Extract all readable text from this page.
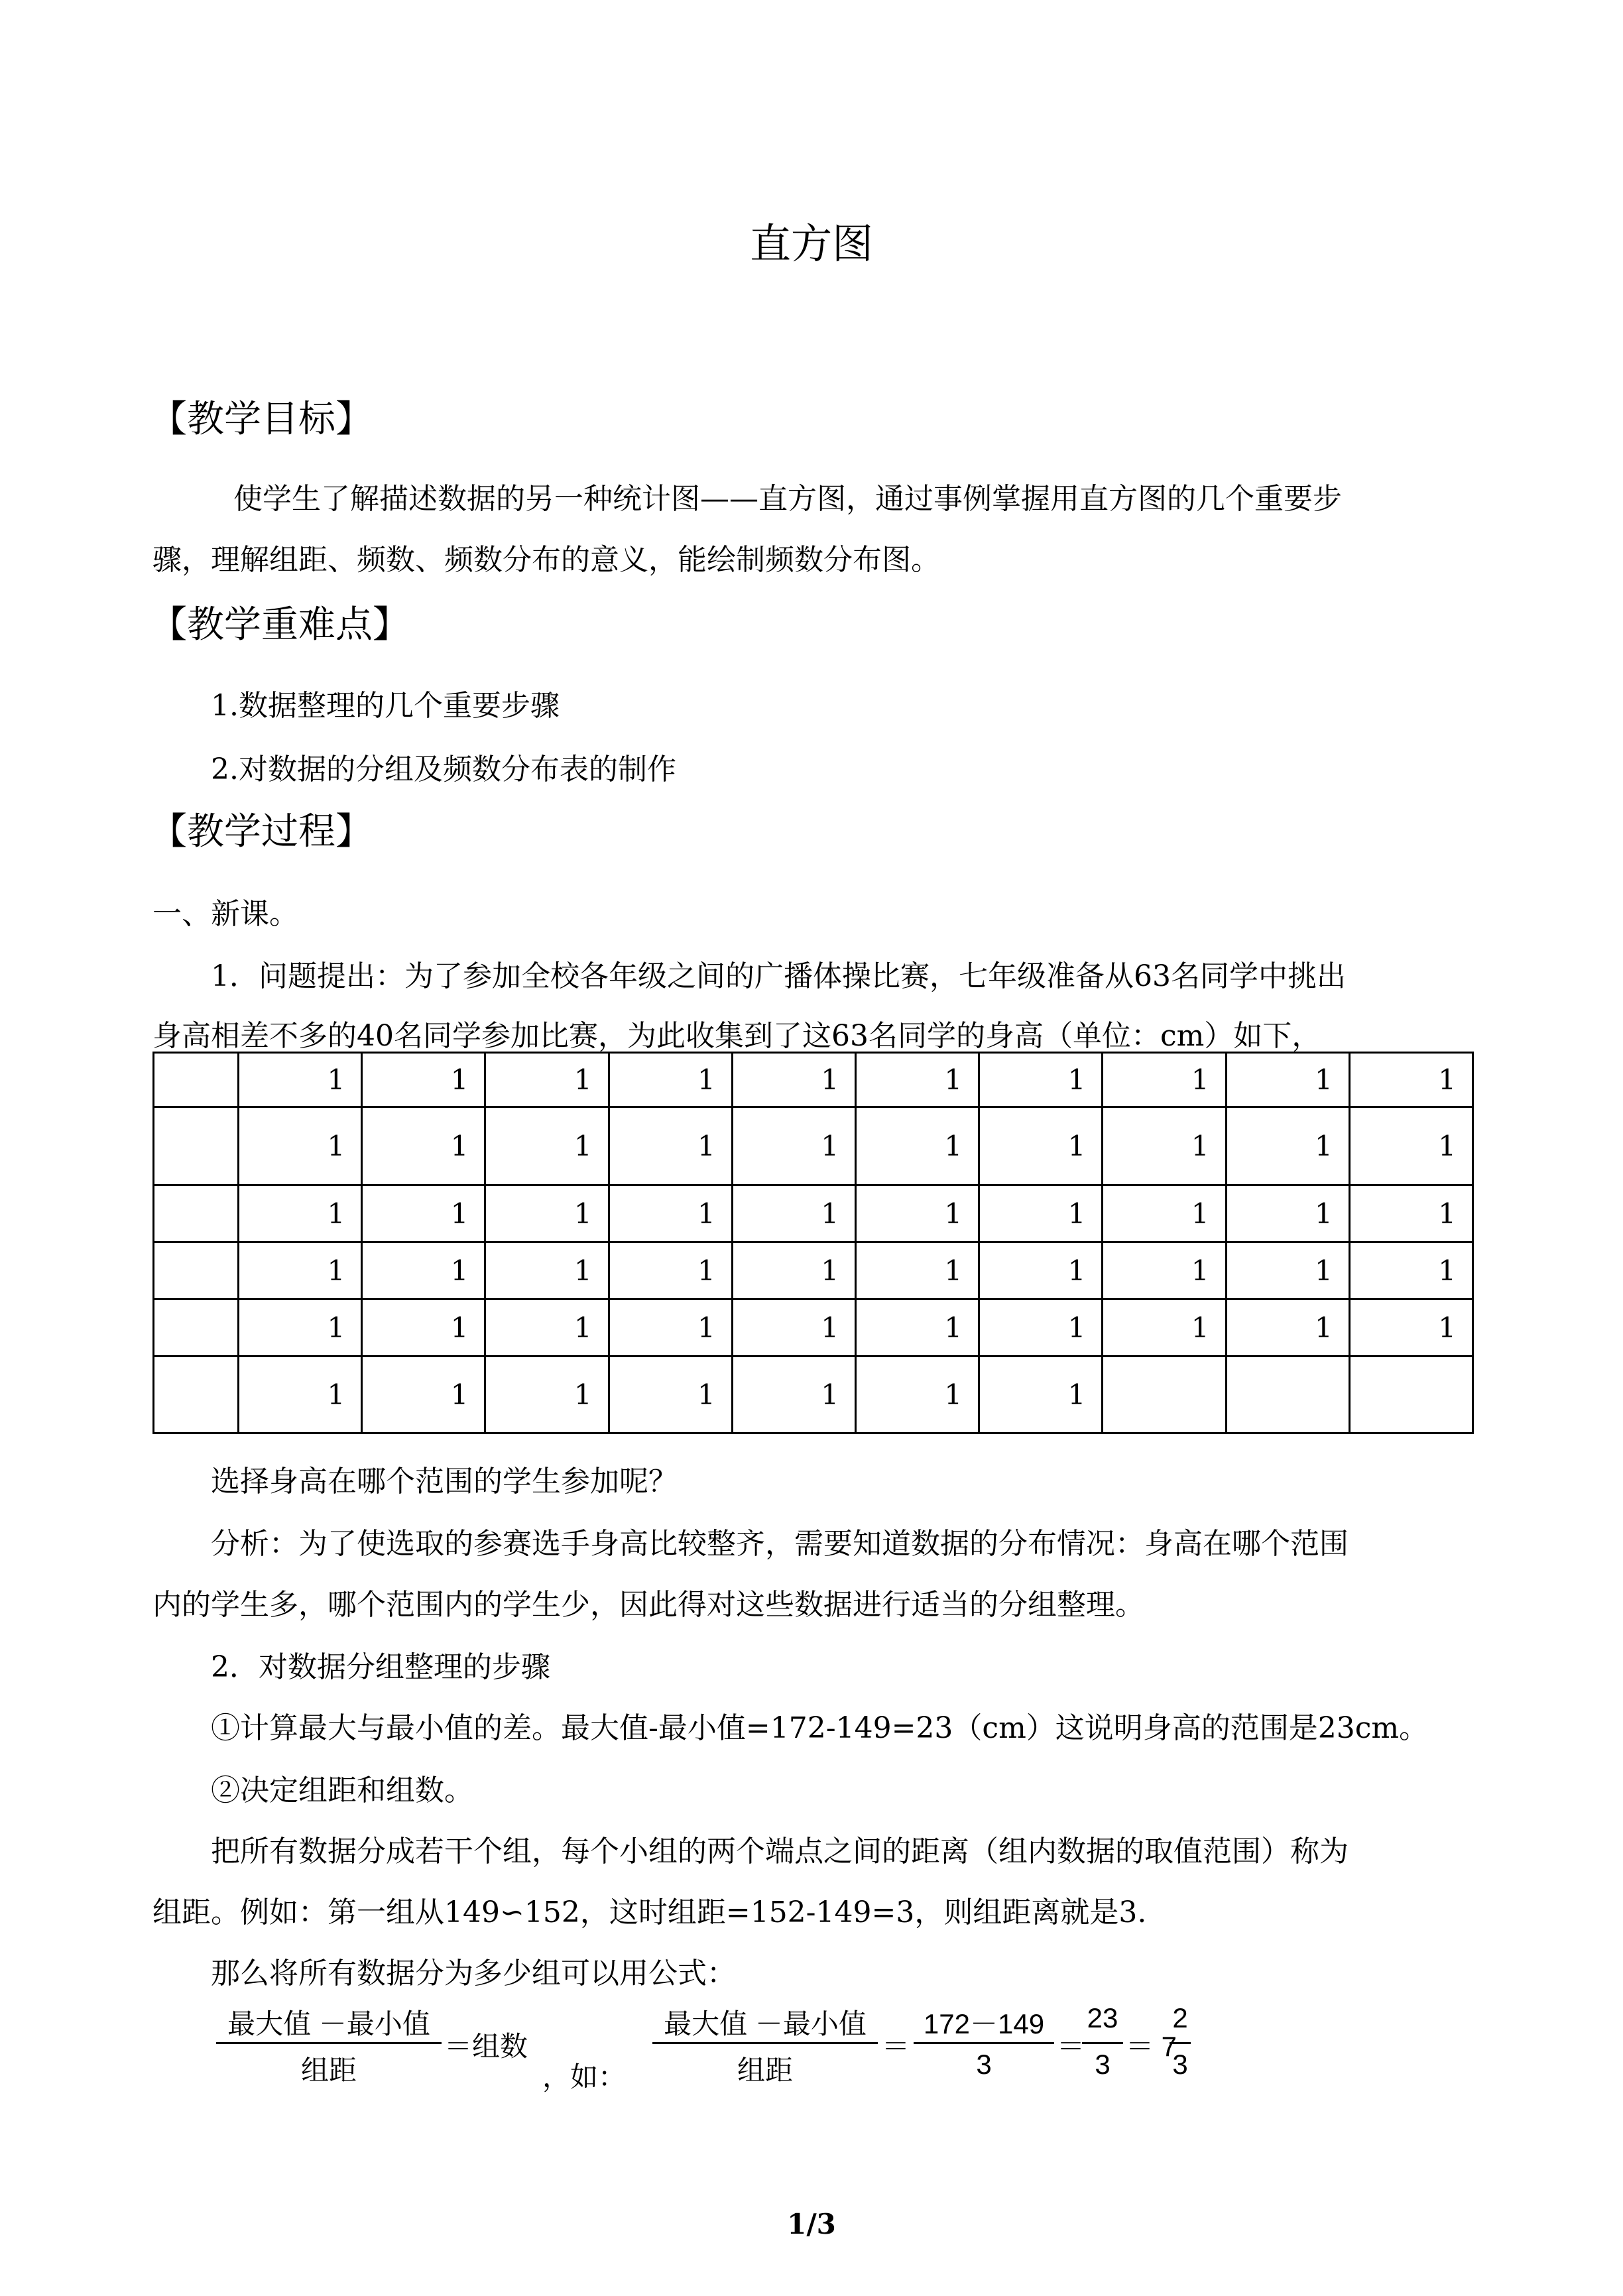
直方图
【教学目标】
使学生了解描述数据的另一种统计图——直方图，通过事例掌握用直方图的几个重要步
骤，理解组距、频数、频数分布的意义，能绘制频数分布图。
【教学重难点】
1.数据整理的几个重要步骤
2.对数据的分组及频数分布表的制作
【教学过程】
一、新课。
1．问题提出：为了参加全校各年级之间的广播体操比赛，七年级准备从63名同学中挑出
身高相差不多的40名同学参加比赛，为此收集到了这63名同学的身高（单位：cm）如下，
	1	1	1	1	1	1	1	1	1	1
	1	1	1	1	1	1	1	1	1	1
	1	1	1	1	1	1	1	1	1	1
	1	1	1	1	1	1	1	1	1	1
	1	1	1	1	1	1	1	1	1	1
	1	1	1	1	1	1	1			
选择身高在哪个范围的学生参加呢？
分析：为了使选取的参赛选手身高比较整齐，需要知道数据的分布情况：身高在哪个范围
内的学生多，哪个范围内的学生少，因此得对这些数据进行适当的分组整理。
2．对数据分组整理的步骤
①计算最大与最小值的差。最大值-最小值=172-149=23（cm）这说明身高的范围是23cm。
②决定组距和组数。
把所有数据分成若干个组，每个小组的两个端点之间的距离（组内数据的取值范围）称为
组距。例如：第一组从149∽152，这时组距=152-149=3，则组距离就是3.
那么将所有数据分为多少组可以用公式：
最大值 －最小值
组距
＝组数
，如：
最大值 －最小值
组距
＝
172－149
3
＝
23
3
＝ 7
2
3
1/3
